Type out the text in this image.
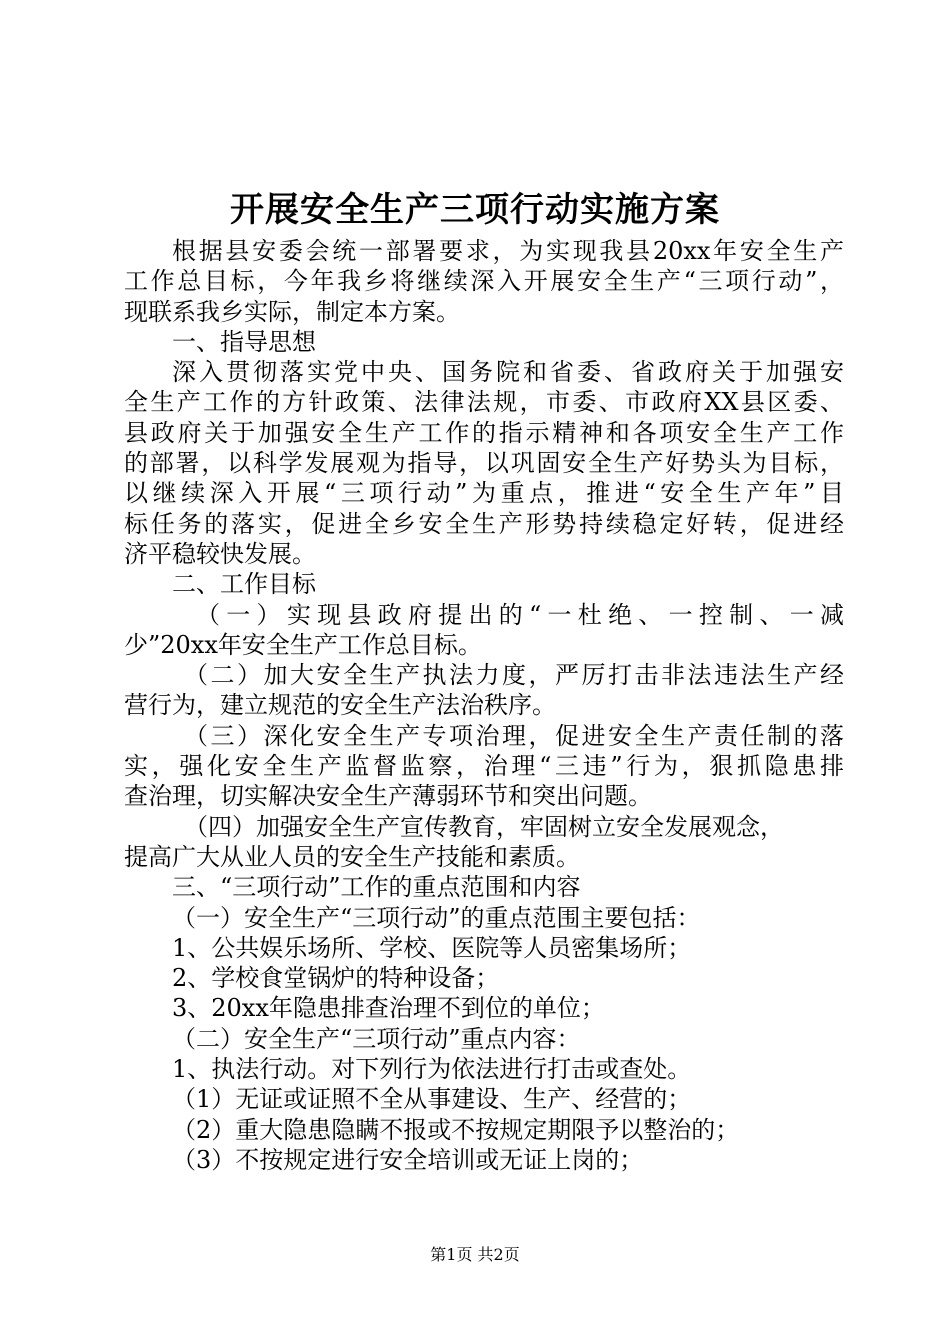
开展安全生产三项行动实施方案
根据县安委会统一部署要求，为实现我县20xx年安全生产
工作总目标，今年我乡将继续深入开展安全生产“三项行动”，
现联系我乡实际，制定本方案。
一、指导思想
深入贯彻落实党中央、国务院和省委、省政府关于加强安
全生产工作的方针政策、法律法规，市委、市政府XX县区委、
县政府关于加强安全生产工作的指示精神和各项安全生产工作
的部署，以科学发展观为指导，以巩固安全生产好势头为目标，
以继续深入开展“三项行动”为重点，推进“安全生产年”目
标任务的落实，促进全乡安全生产形势持续稳定好转，促进经
济平稳较快发展。
二、工作目标
（一）实现县政府提出的“一杜绝、一控制、一减
少”20xx年安全生产工作总目标。
（二）加大安全生产执法力度，严厉打击非法违法生产经
营行为，建立规范的安全生产法治秩序。
（三）深化安全生产专项治理，促进安全生产责任制的落
实，强化安全生产监督监察，治理“三违”行为，狠抓隐患排
查治理，切实解决安全生产薄弱环节和突出问题。
（四）加强安全生产宣传教育，牢固树立安全发展观念，
提高广大从业人员的安全生产技能和素质。
三、“三项行动”工作的重点范围和内容
（一）安全生产“三项行动”的重点范围主要包括：
1、公共娱乐场所、学校、医院等人员密集场所；
2、学校食堂锅炉的特种设备；
3、20xx年隐患排查治理不到位的单位；
（二）安全生产“三项行动”重点内容：
1、执法行动。对下列行为依法进行打击或查处。
（1）无证或证照不全从事建设、生产、经营的；
（2）重大隐患隐瞒不报或不按规定期限予以整治的；
（3）不按规定进行安全培训或无证上岗的；
第1页 共2页
